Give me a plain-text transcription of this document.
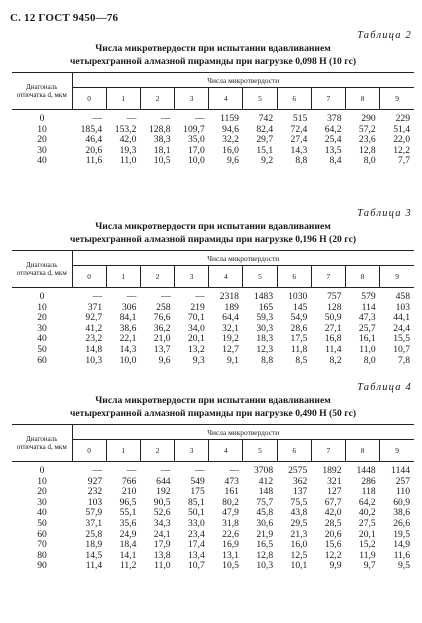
С. 12 ГОСТ 9450—76
Таблица 2
Числа микротвердости при испытании вдавливанием
четырехгранной алмазной пирамиды при нагрузке 0,098 Н (10 гс)
Диагональ отпечатка d, мкм	Числа микротвердости									
	0	1	2	3	4	5	6	7	8	9
0	—	—	—	—	1159	742	515	378	290	229
10	185,4	153,2	128,8	109,7	94,6	82,4	72,4	64,2	57,2	51,4
20	46,4	42,0	38,3	35,0	32,2	29,7	27,4	25,4	23,6	22,0
30	20,6	19,3	18,1	17,0	16,0	15,1	14,3	13,5	12,8	12,2
40	11,6	11,0	10,5	10,0	9,6	9,2	8,8	8,4	8,0	7,7
Таблица 3
Числа микротвердости при испытании вдавливанием
четырехгранной алмазной пирамиды при нагрузке 0,196 Н (20 гс)
Диагональ отпечатка d, мкм	Числа микротвердости									
	0	1	2	3	4	5	6	7	8	9
0	—	—	—	—	2318	1483	1030	757	579	458
10	371	306	258	219	189	165	145	128	114	103
20	92,7	84,1	76,6	70,1	64,4	59,3	54,9	50,9	47,3	44,1
30	41,2	38,6	36,2	34,0	32,1	30,3	28,6	27,1	25,7	24,4
40	23,2	22,1	21,0	20,1	19,2	18,3	17,5	16,8	16,1	15,5
50	14,8	14,3	13,7	13,2	12,7	12,3	11,8	11,4	11,0	10,7
60	10,3	10,0	9,6	9,3	9,1	8,8	8,5	8,2	8,0	7,8
Таблица 4
Числа микротвердости при испытании вдавливанием
четырехгранной алмазной пирамиды при нагрузке 0,490 Н (50 гс)
Диагональ отпечатка d, мкм	Числа микротвердости									
	0	1	2	3	4	5	6	7	8	9
0	—	—	—	—	—	3708	2575	1892	1448	1144
10	927	766	644	549	473	412	362	321	286	257
20	232	210	192	175	161	148	137	127	118	110
30	103	96,5	90,5	85,1	80,2	75,7	75,5	67,7	64,2	60,9
40	57,9	55,1	52,6	50,1	47,9	45,8	43,8	42,0	40,2	38,6
50	37,1	35,6	34,3	33,0	31,8	30,6	29,5	28,5	27,5	26,6
60	25,8	24,9	24,1	23,4	22,6	21,9	21,3	20,6	20,1	19,5
70	18,9	18,4	17,9	17,4	16,9	16,5	16,0	15,6	15,2	14,9
80	14,5	14,1	13,8	13,4	13,1	12,8	12,5	12,2	11,9	11,6
90	11,4	11,2	11,0	10,7	10,5	10,3	10,1	9,9	9,7	9,5
